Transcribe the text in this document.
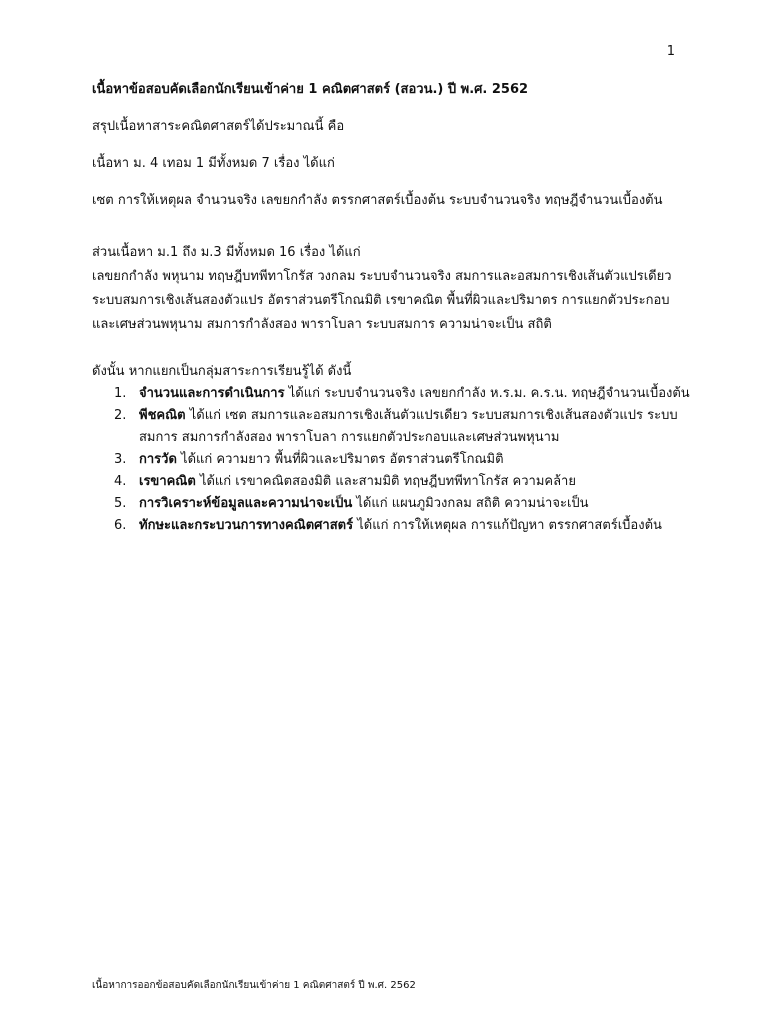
1

เนื้อหาข้อสอบคัดเลือกนักเรียนเข้าค่าย 1 คณิตศาสตร์ (สอวน.) ปี พ.ศ. 2562

สรุปเนื้อหาสาระคณิตศาสตร์ได้ประมาณนี้ คือ

เนื้อหา ม. 4 เทอม 1 มีทั้งหมด 7 เรื่อง ได้แก่

เซต การให้เหตุผล จำนวนจริง เลขยกกำลัง ตรรกศาสตร์เบื้องต้น ระบบจำนวนจริง ทฤษฎีจำนวนเบื้องต้น

ส่วนเนื้อหา ม.1 ถึง ม.3 มีทั้งหมด 16 เรื่อง ได้แก่
เลขยกกำลัง พหุนาม ทฤษฎีบทพีทาโกรัส วงกลม ระบบจำนวนจริง สมการและอสมการเชิงเส้นตัวแปรเดียว
ระบบสมการเชิงเส้นสองตัวแปร อัตราส่วนตรีโกณมิติ เรขาคณิต พื้นที่ผิวและปริมาตร การแยกตัวประกอบ
และเศษส่วนพหุนาม สมการกำลังสอง พาราโบลา ระบบสมการ ความน่าจะเป็น สถิติ
ดังนั้น หากแยกเป็นกลุ่มสาระการเรียนรู้ได้ ดังนี้
1. จำนวนและการดำเนินการ ได้แก่ ระบบจำนวนจริง เลขยกกำลัง ห.ร.ม. ค.ร.น. ทฤษฎีจำนวนเบื้องต้น
2. พีชคณิต ได้แก่ เซต สมการและอสมการเชิงเส้นตัวแปรเดียว ระบบสมการเชิงเส้นสองตัวแปร ระบบสมการ สมการกำลังสอง พาราโบลา การแยกตัวประกอบและเศษส่วนพหุนาม
3. การวัด ได้แก่ ความยาว พื้นที่ผิวและปริมาตร อัตราส่วนตรีโกณมิติ
4. เรขาคณิต ได้แก่ เรขาคณิตสองมิติ และสามมิติ ทฤษฎีบทพีทาโกรัส ความคล้าย
5. การวิเคราะห์ข้อมูลและความน่าจะเป็น ได้แก่ แผนภูมิวงกลม สถิติ ความน่าจะเป็น
6. ทักษะและกระบวนการทางคณิตศาสตร์ ได้แก่ การให้เหตุผล การแก้ปัญหา ตรรกศาสตร์เบื้องต้น
เนื้อหาการออกข้อสอบคัดเลือกนักเรียนเข้าค่าย 1 คณิตศาสตร์ ปี พ.ศ. 2562
